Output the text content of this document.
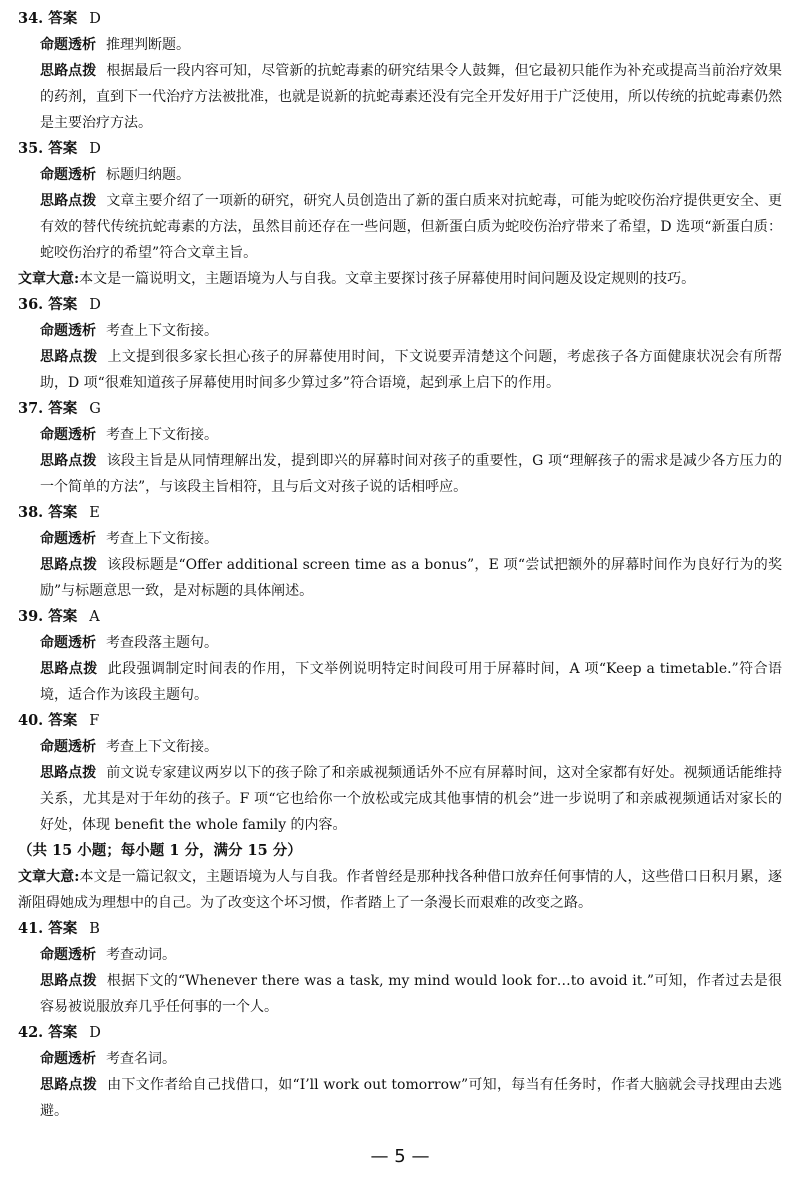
34. 答案 D
命题透析 推理判断题。
思路点拨 根据最后一段内容可知，尽管新的抗蛇毒素的研究结果令人鼓舞，但它最初只能作为补充或提高当前治疗效果的药剂，直到下一代治疗方法被批准，也就是说新的抗蛇毒素还没有完全开发好用于广泛使用，所以传统的抗蛇毒素仍然是主要治疗方法。
35. 答案 D
命题透析 标题归纳题。
思路点拨 文章主要介绍了一项新的研究，研究人员创造出了新的蛋白质来对抗蛇毒，可能为蛇咬伤治疗提供更安全、更有效的替代传统抗蛇毒素的方法，虽然目前还存在一些问题，但新蛋白质为蛇咬伤治疗带来了希望，D 选项“新蛋白质：蛇咬伤治疗的希望”符合文章主旨。
文章大意:本文是一篇说明文，主题语境为人与自我。文章主要探讨孩子屏幕使用时间问题及设定规则的技巧。
36. 答案 D
命题透析 考查上下文衔接。
思路点拨 上文提到很多家长担心孩子的屏幕使用时间，下文说要弄清楚这个问题，考虑孩子各方面健康状况会有所帮助，D 项“很难知道孩子屏幕使用时间多少算过多”符合语境，起到承上启下的作用。
37. 答案 G
命题透析 考查上下文衔接。
思路点拨 该段主旨是从同情理解出发，提到即兴的屏幕时间对孩子的重要性，G 项“理解孩子的需求是减少各方压力的一个简单的方法”，与该段主旨相符，且与后文对孩子说的话相呼应。
38. 答案 E
命题透析 考查上下文衔接。
思路点拨 该段标题是“Offer additional screen time as a bonus”，E 项“尝试把额外的屏幕时间作为良好行为的奖励”与标题意思一致，是对标题的具体阐述。
39. 答案 A
命题透析 考查段落主题句。
思路点拨 此段强调制定时间表的作用，下文举例说明特定时间段可用于屏幕时间，A 项“Keep a timetable.”符合语境，适合作为该段主题句。
40. 答案 F
命题透析 考查上下文衔接。
思路点拨 前文说专家建议两岁以下的孩子除了和亲戚视频通话外不应有屏幕时间，这对全家都有好处。视频通话能维持关系，尤其是对于年幼的孩子。F 项“它也给你一个放松或完成其他事情的机会”进一步说明了和亲戚视频通话对家长的好处，体现 benefit the whole family 的内容。
（共 15 小题；每小题 1 分，满分 15 分）
文章大意:本文是一篇记叙文，主题语境为人与自我。作者曾经是那种找各种借口放弃任何事情的人，这些借口日积月累，逐渐阻碍她成为理想中的自己。为了改变这个坏习惯，作者踏上了一条漫长而艰难的改变之路。
41. 答案 B
命题透析 考查动词。
思路点拨 根据下文的“Whenever there was a task, my mind would look for…to avoid it.”可知，作者过去是很容易被说服放弃几乎任何事的一个人。
42. 答案 D
命题透析 考查名词。
思路点拨 由下文作者给自己找借口，如“I’ll work out tomorrow”可知，每当有任务时，作者大脑就会寻找理由去逃避。
— 5 —
